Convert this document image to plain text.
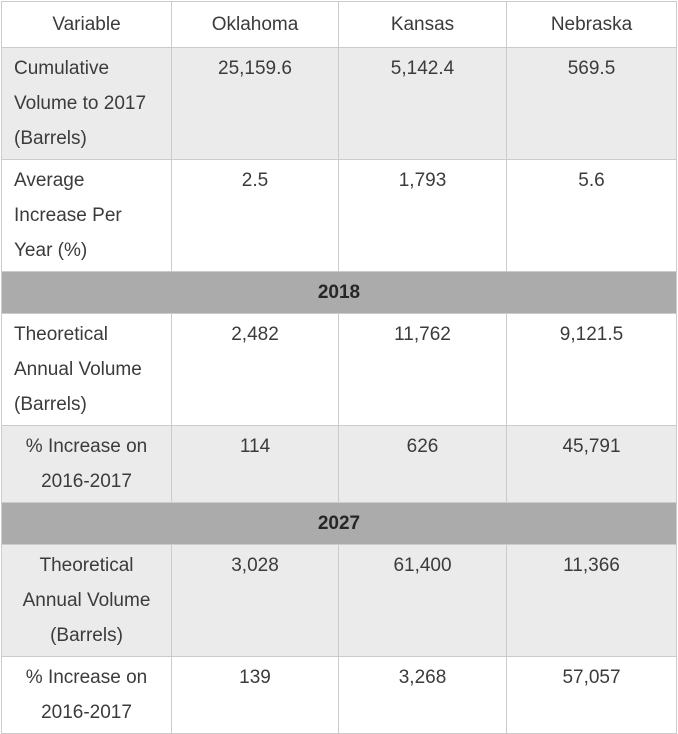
Variable	Oklahoma	Kansas	Nebraska
Cumulative Volume to 2017 (Barrels)	25,159.6	5,142.4	569.5
Average Increase Per Year (%)	2.5	1,793	5.6
2018			
Theoretical Annual Volume (Barrels)	2,482	11,762	9,121.5
% Increase on 2016-2017	114	626	45,791
2027			
Theoretical Annual Volume (Barrels)	3,028	61,400	11,366
% Increase on 2016-2017	139	3,268	57,057
